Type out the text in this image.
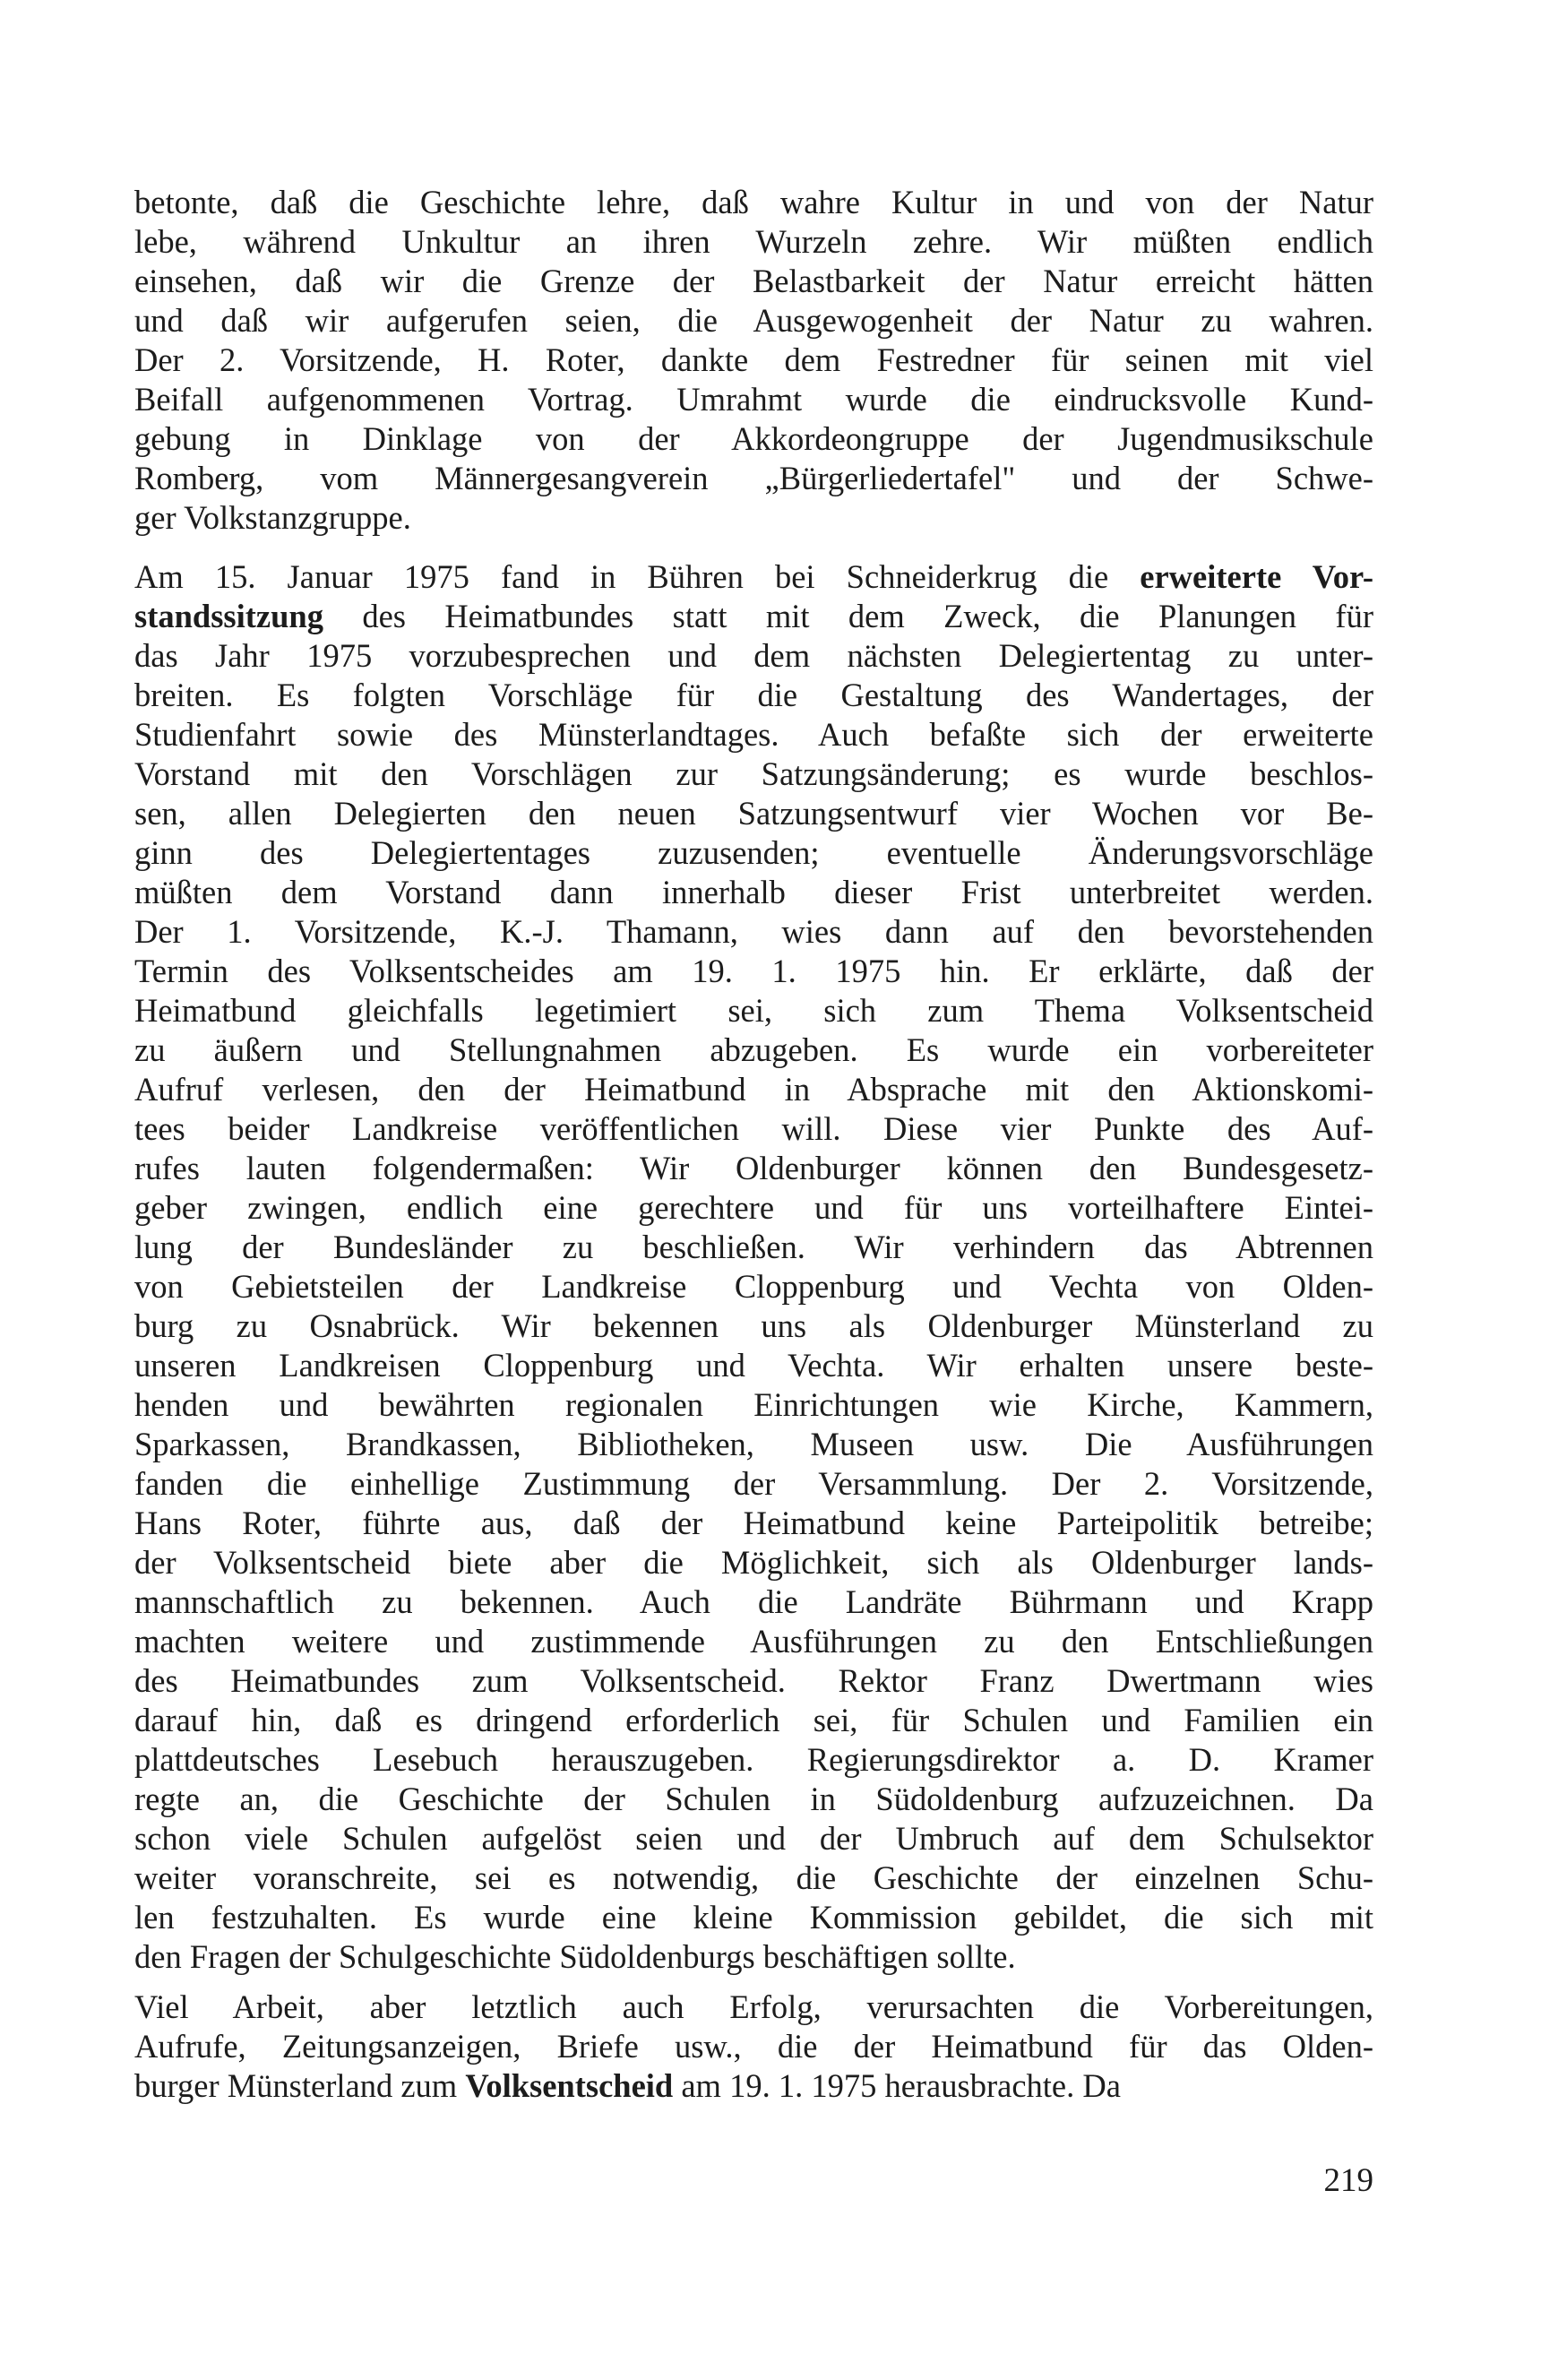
betonte, daß die Geschichte lehre, daß wahre Kultur in und von der Natur
lebe, während Unkultur an ihren Wurzeln zehre. Wir müßten endlich
einsehen, daß wir die Grenze der Belastbarkeit der Natur erreicht hätten
und daß wir aufgerufen seien, die Ausgewogenheit der Natur zu wahren.
Der 2. Vorsitzende, H. Roter, dankte dem Festredner für seinen mit viel
Beifall aufgenommenen Vortrag. Umrahmt wurde die eindrucksvolle Kund-
gebung in Dinklage von der Akkordeongruppe der Jugendmusikschule
Romberg, vom Männergesangverein „Bürgerliedertafel" und der Schwe-
ger Volkstanzgruppe.
Am 15. Januar 1975 fand in Bühren bei Schneiderkrug die erweiterte Vor-
standssitzung des Heimatbundes statt mit dem Zweck, die Planungen für
das Jahr 1975 vorzubesprechen und dem nächsten Delegiertentag zu unter-
breiten. Es folgten Vorschläge für die Gestaltung des Wandertages, der
Studienfahrt sowie des Münsterlandtages. Auch befaßte sich der erweiterte
Vorstand mit den Vorschlägen zur Satzungsänderung; es wurde beschlos-
sen, allen Delegierten den neuen Satzungsentwurf vier Wochen vor Be-
ginn des Delegiertentages zuzusenden; eventuelle Änderungsvorschläge
müßten dem Vorstand dann innerhalb dieser Frist unterbreitet werden.
Der 1. Vorsitzende, K.-J. Thamann, wies dann auf den bevorstehenden
Termin des Volksentscheides am 19. 1. 1975 hin. Er erklärte, daß der
Heimatbund gleichfalls legetimiert sei, sich zum Thema Volksentscheid
zu äußern und Stellungnahmen abzugeben. Es wurde ein vorbereiteter
Aufruf verlesen, den der Heimatbund in Absprache mit den Aktionskomi-
tees beider Landkreise veröffentlichen will. Diese vier Punkte des Auf-
rufes lauten folgendermaßen: Wir Oldenburger können den Bundesgesetz-
geber zwingen, endlich eine gerechtere und für uns vorteilhaftere Eintei-
lung der Bundesländer zu beschließen. Wir verhindern das Abtrennen
von Gebietsteilen der Landkreise Cloppenburg und Vechta von Olden-
burg zu Osnabrück. Wir bekennen uns als Oldenburger Münsterland zu
unseren Landkreisen Cloppenburg und Vechta. Wir erhalten unsere beste-
henden und bewährten regionalen Einrichtungen wie Kirche, Kammern,
Sparkassen, Brandkassen, Bibliotheken, Museen usw. Die Ausführungen
fanden die einhellige Zustimmung der Versammlung. Der 2. Vorsitzende,
Hans Roter, führte aus, daß der Heimatbund keine Parteipolitik betreibe;
der Volksentscheid biete aber die Möglichkeit, sich als Oldenburger lands-
mannschaftlich zu bekennen. Auch die Landräte Bührmann und Krapp
machten weitere und zustimmende Ausführungen zu den Entschließungen
des Heimatbundes zum Volksentscheid. Rektor Franz Dwertmann wies
darauf hin, daß es dringend erforderlich sei, für Schulen und Familien ein
plattdeutsches Lesebuch herauszugeben. Regierungsdirektor a. D. Kramer
regte an, die Geschichte der Schulen in Südoldenburg aufzuzeichnen. Da
schon viele Schulen aufgelöst seien und der Umbruch auf dem Schulsektor
weiter voranschreite, sei es notwendig, die Geschichte der einzelnen Schu-
len festzuhalten. Es wurde eine kleine Kommission gebildet, die sich mit
den Fragen der Schulgeschichte Südoldenburgs beschäftigen sollte.
Viel Arbeit, aber letztlich auch Erfolg, verursachten die Vorbereitungen,
Aufrufe, Zeitungsanzeigen, Briefe usw., die der Heimatbund für das Olden-
burger Münsterland zum Volksentscheid am 19. 1. 1975 herausbrachte. Da
219
